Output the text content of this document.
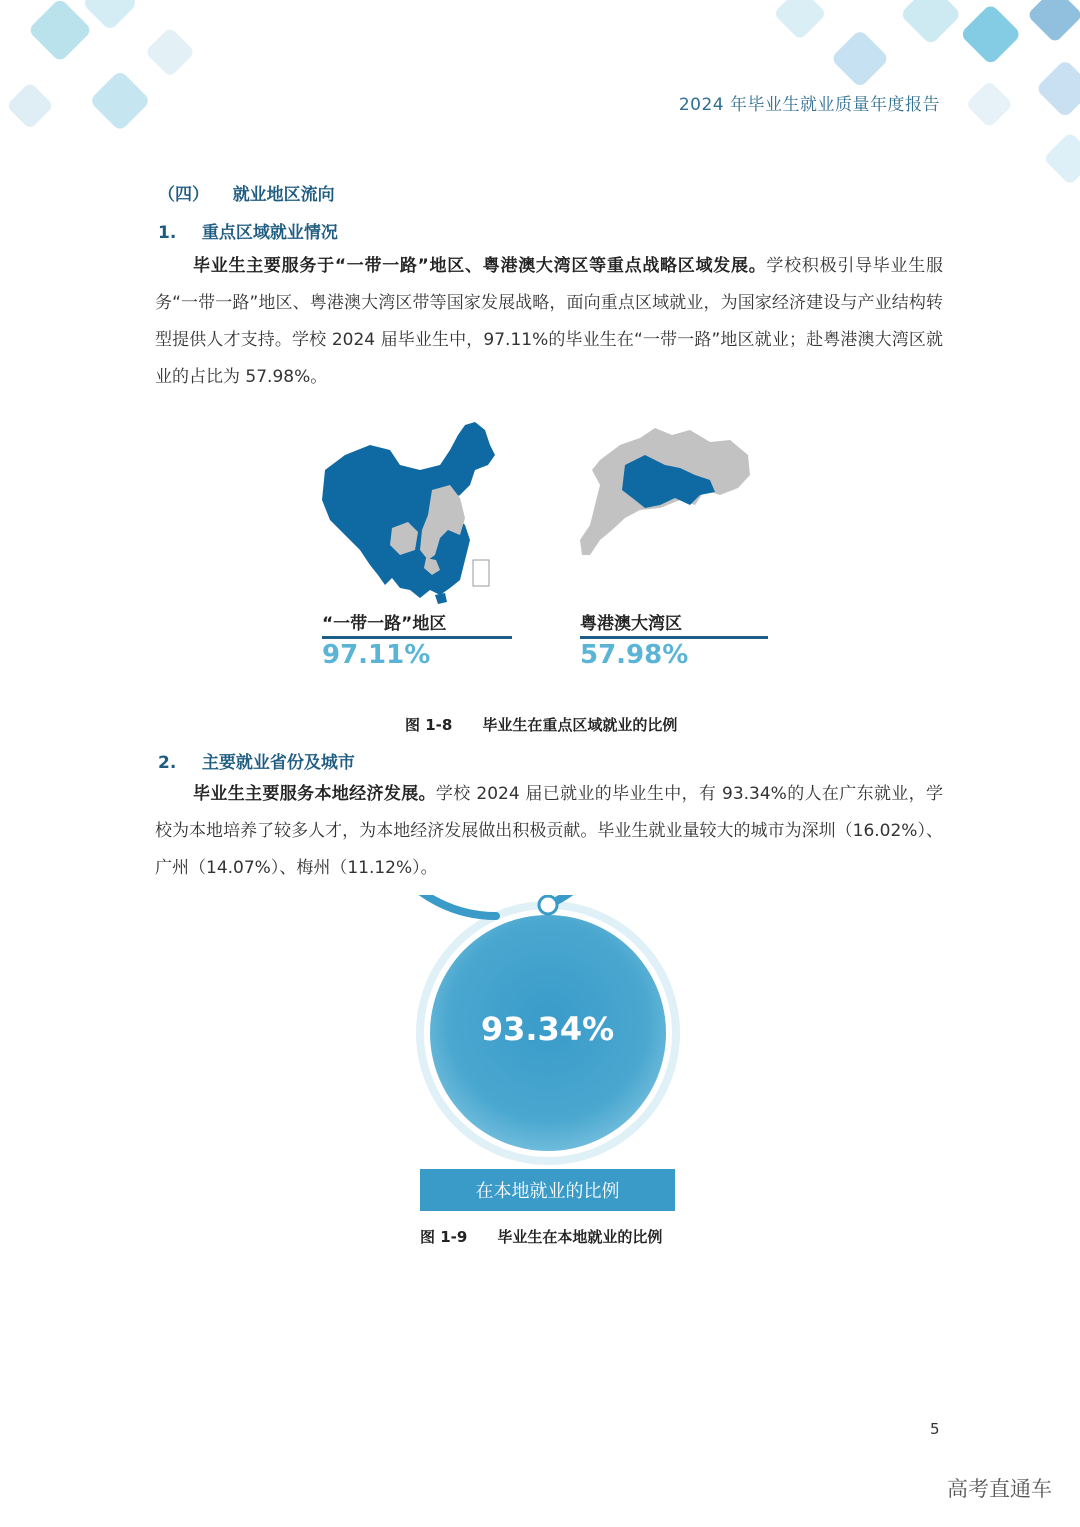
2024 年毕业生就业质量年度报告
（四） 就业地区流向
1. 重点区域就业情况
毕业生主要服务于“一带一路”地区、粤港澳大湾区等重点战略区域发展。学校积极引导毕业生服务“一带一路”地区、粤港澳大湾区带等国家发展战略，面向重点区域就业，为国家经济建设与产业结构转型提供人才支持。学校 2024 届毕业生中，97.11%的毕业生在“一带一路”地区就业；赴粤港澳大湾区就业的占比为 57.98%。
“一带一路”地区
97.11%
粤港澳大湾区
57.98%
图 1-8 毕业生在重点区域就业的比例
2. 主要就业省份及城市
毕业生主要服务本地经济发展。学校 2024 届已就业的毕业生中，有 93.34%的人在广东就业，学校为本地培养了较多人才，为本地经济发展做出积极贡献。毕业生就业量较大的城市为深圳（16.02%）、广州（14.07%）、梅州（11.12%）。
93.34%
在本地就业的比例
图 1-9 毕业生在本地就业的比例
5
高考直通车
